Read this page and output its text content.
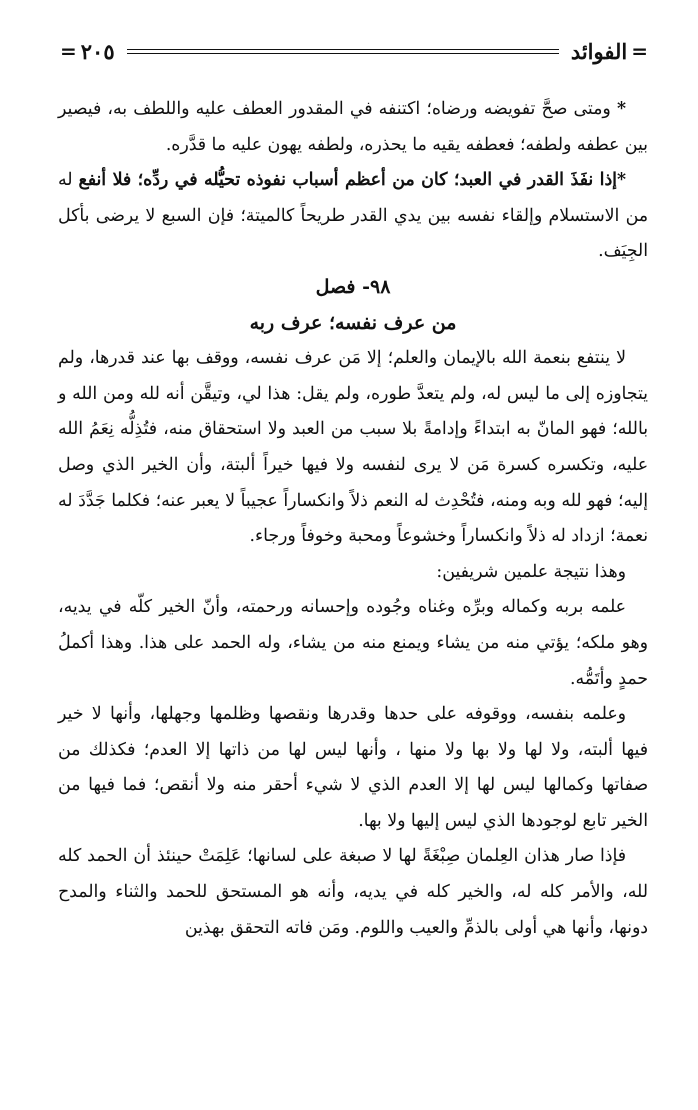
=
الفوائد
٢٠٥
=

* ومتى صحَّ تفويضه ورضاه؛ اكتنفه في المقدور العطف عليه واللطف به، فيصير بين عطفه ولطفه؛ فعطفه يقيه ما يحذره، ولطفه يهون عليه ما قدَّره.

*إذا نفَذَ القدر في العبد؛ كان من أعظم أسباب نفوذه تحيُّله في ردِّه؛ فلا أنفع له من الاستسلام وإلقاء نفسه بين يدي القدر طريحاً كالميتة؛ فإن السبع لا يرضى بأكل الجِيَف.

٩٨- فصل

من عرف نفسه؛ عرف ربه

لا ينتفع بنعمة الله بالإيمان والعلم؛ إلا مَن عرف نفسه، ووقف بها عند قدرها، ولم يتجاوزه إلى ما ليس له، ولم يتعدَّ طوره، ولم يقل: هذا لي، وتيقَّن أنه لله ومن الله و بالله؛ فهو المانّ به ابتداءً وإدامةً بلا سبب من العبد ولا استحقاق منه، فتُذِلُّه نِعَمُ الله عليه، وتكسره كسرة مَن لا يرى لنفسه ولا فيها خيراً ألبتة، وأن الخير الذي وصل إليه؛ فهو لله وبه ومنه، فتُحْدِث له النعم ذلاً وانكساراً عجيباً لا يعبر عنه؛ فكلما جَدَّدَ له نعمة؛ ازداد له ذلاً وانكساراً وخشوعاً ومحبة وخوفاً ورجاء.

وهذا نتيجة علمين شريفين:

علمه بربه وكماله وبرِّه وغناه وجُوده وإحسانه ورحمته، وأنّ الخير كلّه في يديه، وهو ملكه؛ يؤتي منه من يشاء ويمنع منه من يشاء، وله الحمد على هذا. وهذا أكملُ حمدٍ وأتَمُّه.

وعلمه بنفسه، ووقوفه على حدها وقدرها ونقصها وظلمها وجهلها، وأنها لا خير فيها ألبته، ولا لها ولا بها ولا منها ، وأنها ليس لها من ذاتها إلا العدم؛ فكذلك من صفاتها وكمالها ليس لها إلا العدم الذي لا شيء أحقر منه ولا أنقص؛ فما فيها من الخير تابع لوجودها الذي ليس إليها ولا بها.

فإذا صار هذان العِلمان صِبْغَةً لها لا صبغة على لسانها؛ عَلِمَتْ حينئذ أن الحمد كله لله، والأمر كله له، والخير كله في يديه، وأنه هو المستحق للحمد والثناء والمدح دونها، وأنها هي أولى بالذمِّ والعيب واللوم. ومَن فاته التحقق بهذين
